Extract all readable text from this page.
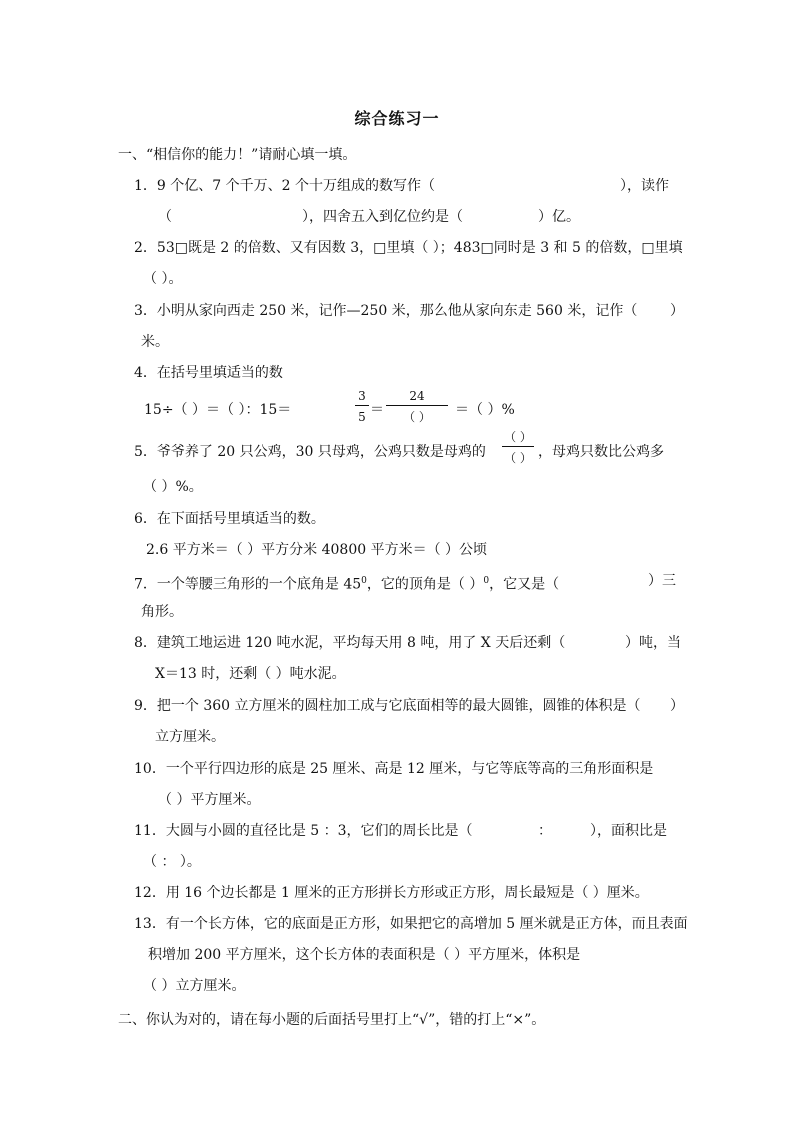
综合练习一
一、“相信你的能力！”请耐心填一填。
1．9 个亿、7 个千万、2 个十万组成的数写作（	），读作
（	），四舍五入到亿位约是（	）亿。
2．53□既是 2 的倍数、又有因数 3，□里填（ ）；483□同时是 3 和 5 的倍数，□里填
（ ）。
3．小明从家向西走 250 米，记作—250 米，那么他从家向东走 560 米，记作（ ）
米。
4．在括号里填适当的数
15÷（ ）＝（ ）：15＝
3
5 ＝
24
（ ）	＝（ ）%
5．爷爷养了 20 只公鸡，30 只母鸡，公鸡只数是母鸡的
（ ）
（ ） ，母鸡只数比公鸡多
（ ）%。
6．在下面括号里填适当的数。
2.6 平方米＝（ ）平方分米 40800 平方米＝（ ）公顷
7．一个等腰三角形的一个底角是 $45^0$，它的顶角是（ ）$^0$，它又是（	）三
角形。
8．建筑工地运进 120 吨水泥，平均每天用 8 吨，用了 X 天后还剩（	）吨，当
X＝13 时，还剩（ ）吨水泥。
9．把一个 360 立方厘米的圆柱加工成与它底面相等的最大圆锥，圆锥的体积是（ ）
立方厘米。
10．一个平行四边形的底是 25 厘米、高是 12 厘米，与它等底等高的三角形面积是
（ ）平方厘米。
11．大圆与小圆的直径比是 5 ：3，它们的周长比是（	：	），面积比是
（ ： ）。
12．用 16 个边长都是 1 厘米的正方形拼长方形或正方形，周长最短是（ ）厘米。
13．有一个长方体，它的底面是正方形，如果把它的高增加 5 厘米就是正方体，而且表面
积增加 200 平方厘米，这个长方体的表面积是（ ）平方厘米，体积是
（ ）立方厘米。
二、你认为对的，请在每小题的后面括号里打上“√”，错的打上“×”。
